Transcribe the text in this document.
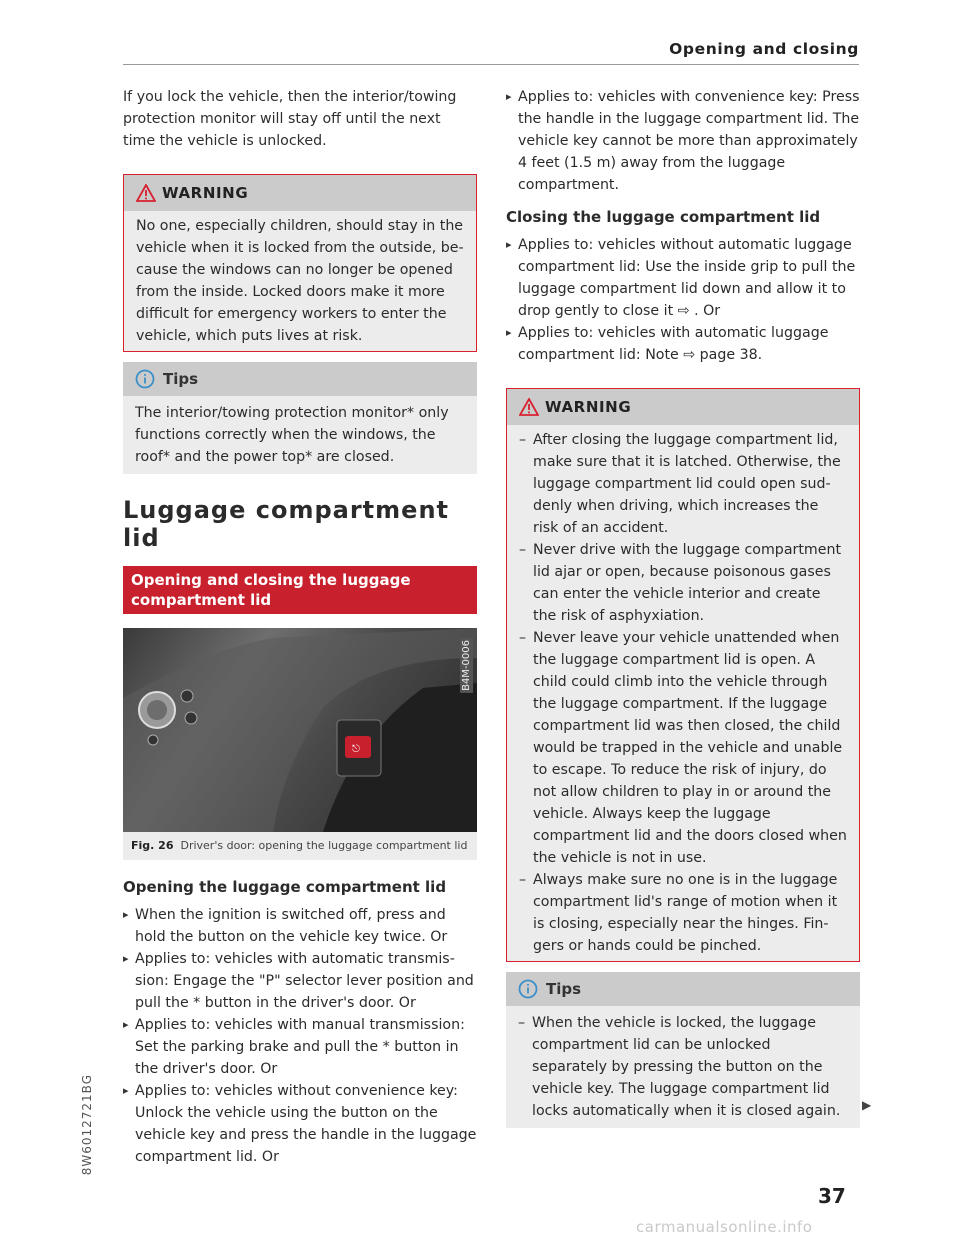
Opening and closing

If you lock the vehicle, then the interior/towing protection monitor will stay off until the next time the vehicle is unlocked.

WARNING

No one, especially children, should stay in the vehicle when it is locked from the outside, because the windows can no longer be opened from the inside. Locked doors make it more difficult for emergency workers to enter the vehicle, which puts lives at risk.

Tips

The interior/towing protection monitor* only functions correctly when the windows, the roof* and the power top* are closed.

Luggage compartment lid
Opening and closing the luggage compartment lid
⎋
B4M-0006
Fig. 26 Driver's door: opening the luggage compartment lid
Opening the luggage compartment lid
▸ When the ignition is switched off, press and hold the button on the vehicle key twice. Or
▸ Applies to: vehicles with automatic transmission: Engage the "P" selector lever position and pull the * button in the driver's door. Or
▸ Applies to: vehicles with manual transmission: Set the parking brake and pull the * button in the driver's door. Or
▸ Applies to: vehicles without convenience key: Unlock the vehicle using the button on the vehicle key and press the handle in the luggage compartment lid. Or
▸ Applies to: vehicles with convenience key: Press the handle in the luggage compartment lid. The vehicle key cannot be more than approximately 4 feet (1.5 m) away from the luggage compartment.
Closing the luggage compartment lid
▸ Applies to: vehicles without automatic luggage compartment lid: Use the inside grip to pull the luggage compartment lid down and allow it to drop gently to close it ⇨ . Or
▸ Applies to: vehicles with automatic luggage compartment lid: Note ⇨ page 38.
WARNING
– After closing the luggage compartment lid, make sure that it is latched. Otherwise, the luggage compartment lid could open suddenly when driving, which increases the risk of an accident.
– Never drive with the luggage compartment lid ajar or open, because poisonous gases can enter the vehicle interior and create the risk of asphyxiation.
– Never leave your vehicle unattended when the luggage compartment lid is open. A child could climb into the vehicle through the luggage compartment. If the luggage compartment lid was then closed, the child would be trapped in the vehicle and unable to escape. To reduce the risk of injury, do not allow children to play in or around the vehicle. Always keep the luggage compartment lid and the doors closed when the vehicle is not in use.
– Always make sure no one is in the luggage compartment lid's range of motion when it is closing, especially near the hinges. Fingers or hands could be pinched.
Tips
– When the vehicle is locked, the luggage compartment lid can be unlocked separately by pressing the button on the vehicle key. The luggage compartment lid locks automatically when it is closed again.	▶
8W6012721BG
37
carmanualsonline.info
